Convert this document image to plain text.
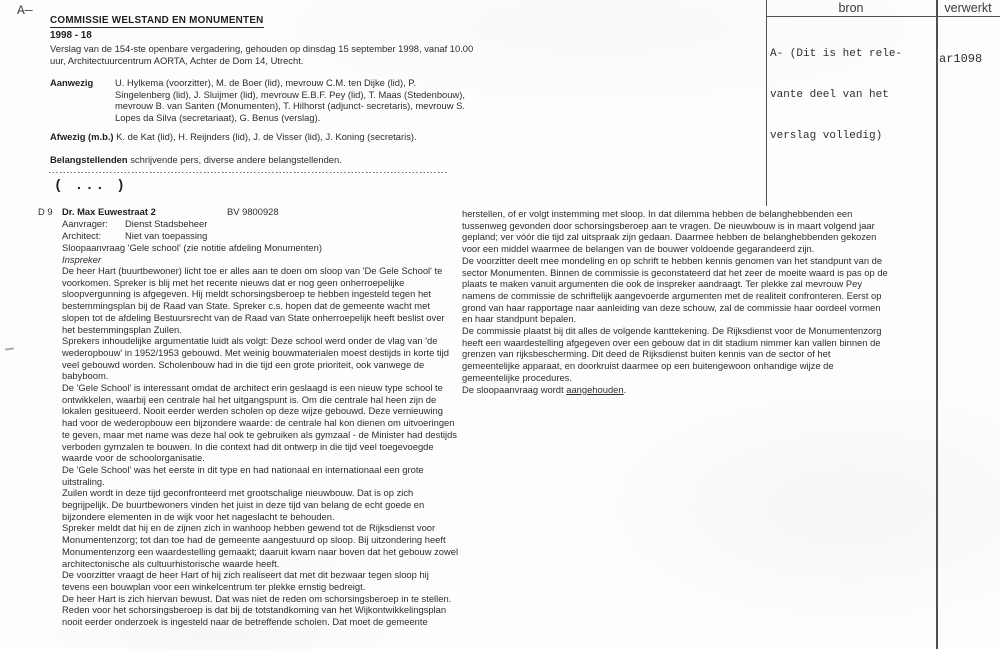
bron	verwerkt

A- (Dit is het rele-

vante deel van het

verslag volledig)

ar1098
A—
COMMISSIE WELSTAND EN MONUMENTEN
1998 - 18
Verslag van de 154-ste openbare vergadering, gehouden op dinsdag 15 september 1998, vanaf 10.00
uur, Architectuurcentrum AORTA, Achter de Dom 14, Utrecht.
Aanwezig U. Hylkema (voorzitter), M. de Boer (lid), mevrouw C.M. ten Dijke (lid), P.
Singelenberg (lid), J. Sluijmer (lid), mevrouw E.B.F. Pey (lid), T. Maas (Stedenbouw),
mevrouw B. van Santen (Monumenten), T. Hilhorst (adjunct- secretaris), mevrouw S.
Lopes da Silva (secretariaat), G. Benus (verslag).
Afwezig (m.b.) K. de Kat (lid), H. Reijnders (lid), J. de Visser (lid), J. Koning (secretaris).
Belangstellenden schrijvende pers, diverse andere belangstellenden.
( ... )
D 9 Dr. Max Euwestraat 2	BV 9800928
Aanvrager: Dienst Stadsbeheer
Architect:	Niet van toepassing
Sloopaanvraag 'Gele school' (zie notitie afdeling Monumenten)
Inspreker

De heer Hart (buurtbewoner) licht toe er alles aan te doen om sloop van 'De Gele School' te voorkomen. Spreker is blij met het recente nieuws dat er nog geen onherroepelijke sloopvergunning is afgegeven. Hij meldt schorsingsberoep te hebben ingesteld tegen het bestemmingsplan bij de Raad van State. Spreker c.s. hopen dat de gemeente wacht met slopen tot de afdeling Bestuursrecht van de Raad van State onherroepelijk heeft beslist over het bestemmingsplan Zuilen.

Sprekers inhoudelijke argumentatie luidt als volgt: Deze school werd onder de vlag van 'de wederopbouw' in 1952/1953 gebouwd. Met weinig bouwmaterialen moest destijds in korte tijd veel gebouwd worden. Scholenbouw had in die tijd een grote prioriteit, ook vanwege de babyboom.

De 'Gele School' is interessant omdat de architect erin geslaagd is een nieuw type school te ontwikkelen, waarbij een centrale hal het uitgangspunt is. Om die centrale hal heen zijn de lokalen gesitueerd. Nooit eerder werden scholen op deze wijze gebouwd. Deze vernieuwing had voor de wederopbouw een bijzondere waarde: de centrale hal kon dienen om uitvoeringen te geven, maar met name was deze hal ook te gebruiken als gymzaal - de Minister had destijds verboden gymzalen te bouwen. In die context had dit ontwerp in die tijd veel toegevoegde waarde voor de schoolorganisatie.

De 'Gele School' was het eerste in dit type en had nationaal en internationaal een grote uitstraling.

Zuilen wordt in deze tijd geconfronteerd met grootschalige nieuwbouw. Dat is op zich begrijpelijk. De buurtbewoners vinden het juist in deze tijd van belang de echt goede en bijzondere elementen in de wijk voor het nageslacht te behouden.

Spreker meldt dat hij en de zijnen zich in wanhoop hebben gewend tot de Rijksdienst voor Monumentenzorg; tot dan toe had de gemeente aangestuurd op sloop. Bij uitzondering heeft Monumentenzorg een waardestelling gemaakt; daaruit kwam naar boven dat het gebouw zowel architectonische als cultuurhistorische waarde heeft.

De voorzitter vraagt de heer Hart of hij zich realiseert dat met dit bezwaar tegen sloop hij tevens een bouwplan voor een winkelcentrum ter plekke ernstig bedreigt.

De heer Hart is zich hiervan bewust. Dat was niet de reden om schorsingsberoep in te stellen. Reden voor het schorsingsberoep is dat bij de totstandkoming van het Wijkontwikkelingsplan nooit eerder onderzoek is ingesteld naar de betreffende scholen. Dat moet de gemeente

herstellen, of er volgt instemming met sloop. In dat dilemma hebben de belanghebbenden een tussenweg gevonden door schorsingsberoep aan te vragen. De nieuwbouw is in maart volgend jaar gepland; ver vóór die tijd zal uitspraak zijn gedaan. Daarmee hebben de belanghebbenden gekozen voor een middel waarmee de belangen van de bouwer voldoende gegarandeerd zijn.

De voorzitter deelt mee mondeling en op schrift te hebben kennis genomen van het standpunt van de sector Monumenten. Binnen de commissie is geconstateerd dat het zeer de moeite waard is pas op de plaats te maken vanuit argumenten die ook de inspreker aandraagt. Ter plekke zal mevrouw Pey namens de commissie de schriftelijk aangevoerde argumenten met de realiteit confronteren. Eerst op grond van haar rapportage naar aanleiding van deze schouw, zal de commissie haar oordeel vormen en haar standpunt bepalen.

De commissie plaatst bij dit alles de volgende kanttekening. De Rijksdienst voor de Monumentenzorg heeft een waardestelling afgegeven over een gebouw dat in dit stadium nimmer kan vallen binnen de grenzen van rijksbescherming. Dit deed de Rijksdienst buiten kennis van de sector of het gemeentelijke apparaat, en doorkruist daarmee op een buitengewoon onhandige wijze de gemeentelijke procedures.

De sloopaanvraag wordt aangehouden.
